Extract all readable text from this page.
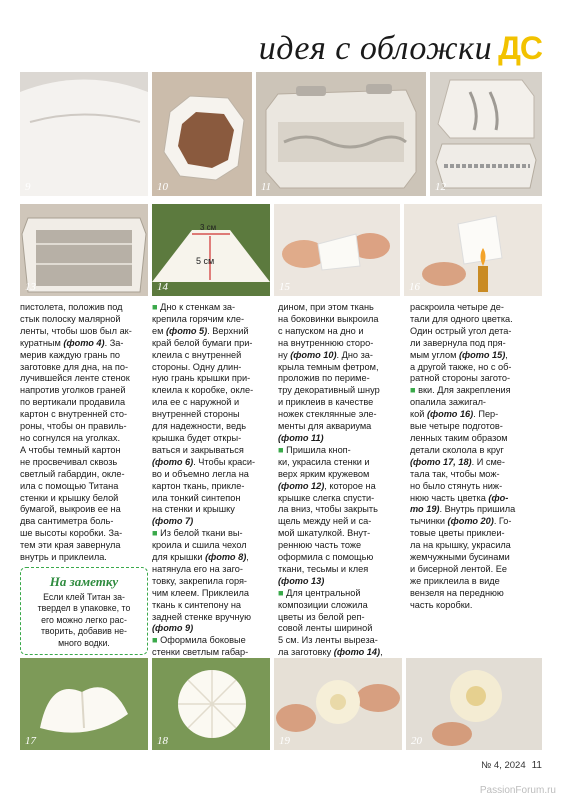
идея с обложки ДС
9	10	11	12
13
3 см
5 см
14	15	16

пистолета, положив под

стык полоску малярной

ленты, чтобы шов был ак-

куратным (фото 4). За-

мерив каждую грань по

заготовке для дна, на по-

лучившейся ленте стенок

напротив уголков граней

по вертикали продавила

картон с внутренней сто-

роны, чтобы он правиль-

но согнулся на уголках.

А чтобы темный картон

не просвечивал сквозь

светлый габардин, окле-

ила с помощью Титана

стенки и крышку белой

бумагой, выкроив ее на

два сантиметра боль-

ше высоты коробки. За-

тем эти края завернула

внутрь и приклеила.

На заметку
Если клей Титан за-
твердел в упаковке, то
его можно легко рас-
творить, добавив не-
много водки.

■ Дно к стенкам за-

крепила горячим кле-

ем (фото 5). Верхний

край белой бумаги при-

клеила с внутренней

стороны. Одну длин-

ную грань крышки при-

клеила к коробке, окле-

ила ее с наружной и

внутренней стороны

для надежности, ведь

крышка будет откры-

ваться и закрываться

(фото 6). Чтобы краси-

во и объемно легла на

картон ткань, прикле-

ила тонкий синтепон

на стенки и крышку

(фото 7)

■ Из белой ткани вы-

кроила и сшила чехол

для крышки (фото 8),

натянула его на заго-

товку, закрепила горя-

чим клеем. Приклеила

ткань к синтепону на

задней стенке вручную

(фото 9)

■ Оформила боковые

стенки светлым габар-

дином, при этом ткань

на боковинки выкроила

с напуском на дно и

на внутреннюю сторо-

ну (фото 10). Дно за-

крыла темным фетром,

проложив по периме-

тру декоративный шнур

и приклеив в качестве

ножек стеклянные эле-

менты для аквариума

(фото 11)

■ Пришила кноп-

ки, украсила стенки и

верх ярким кружевом

(фото 12), которое на

крышке слегка спусти-

ла вниз, чтобы закрыть

щель между ней и са-

мой шкатулкой. Внут-

реннюю часть тоже

оформила с помощью

ткани, тесьмы и клея

(фото 13)

■ Для центральной

композиции сложила

цветы из белой реп-

совой ленты шириной

5 см. Из ленты выреза-

ла заготовку (фото 14),

раскроила четыре де-

тали для одного цветка.

Один острый угол дета-

ли завернула под пря-

мым углом (фото 15),

а другой также, но с об-

ратной стороны загото-

■ вки. Для закрепления

опалила зажигал-

кой (фото 16). Пер-

вые четыре подготов-

ленных таким образом

детали сколола в круг

(фото 17, 18). И сме-

тала так, чтобы мож-

но было стянуть ниж-

нюю часть цветка (фо-

то 19). Внутрь пришила

тычинки (фото 20). Го-

товые цветы приклеи-

ла на крышку, украсила

жемчужными бусинами

и бисерной лентой. Ее

же приклеила в виде

вензеля на переднюю

часть коробки.

17	18	19	20
№ 4, 2024 11
PassionForum.ru
